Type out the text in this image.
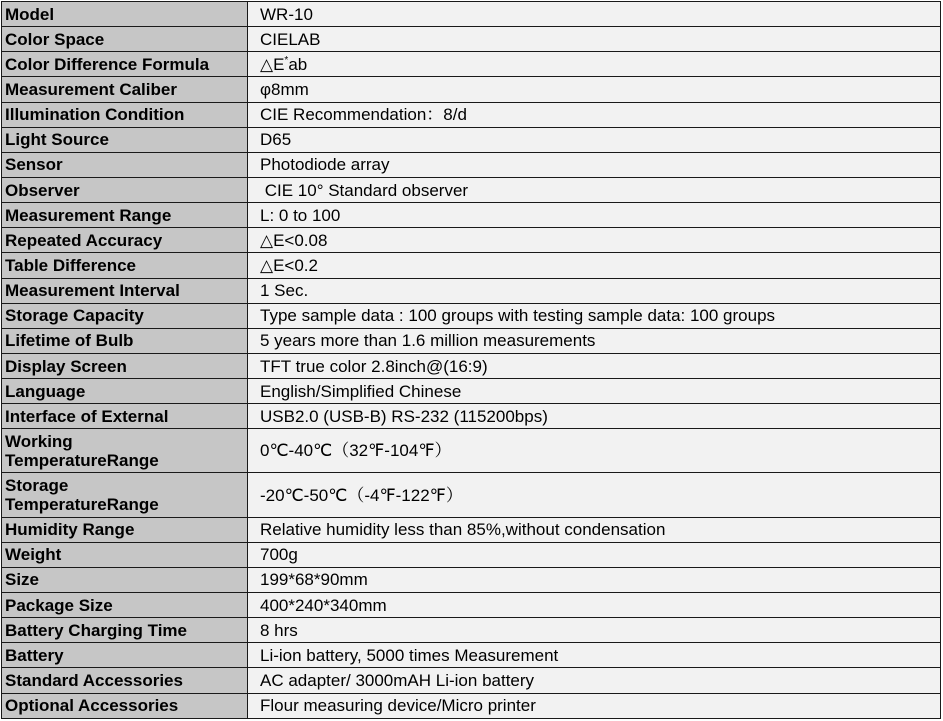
Model	WR-10
Color Space	CIELAB
Color Difference Formula	△E*ab
Measurement Caliber	φ8mm
Illumination Condition	CIE Recommendation：8/d
Light Source	D65
Sensor	Photodiode array
Observer	CIE 10° Standard observer
Measurement Range	L: 0 to 100
Repeated Accuracy	△E<0.08
Table Difference	△E<0.2
Measurement Interval	1 Sec.
Storage Capacity	Type sample data : 100 groups with testing sample data: 100 groups
Lifetime of Bulb	5 years more than 1.6 million measurements
Display Screen	TFT true color 2.8inch@(16:9)
Language	English/Simplified Chinese
Interface of External	USB2.0 (USB-B) RS-232 (115200bps)
Working
TemperatureRange	0℃-40℃（32℉-104℉）
Storage
TemperatureRange	-20℃-50℃（-4℉-122℉）
Humidity Range	Relative humidity less than 85%,without condensation
Weight	700g
Size	199*68*90mm
Package Size	400*240*340mm
Battery Charging Time	8 hrs
Battery	Li-ion battery, 5000 times Measurement
Standard Accessories	AC adapter/ 3000mAH Li-ion battery
Optional Accessories	Flour measuring device/Micro printer
